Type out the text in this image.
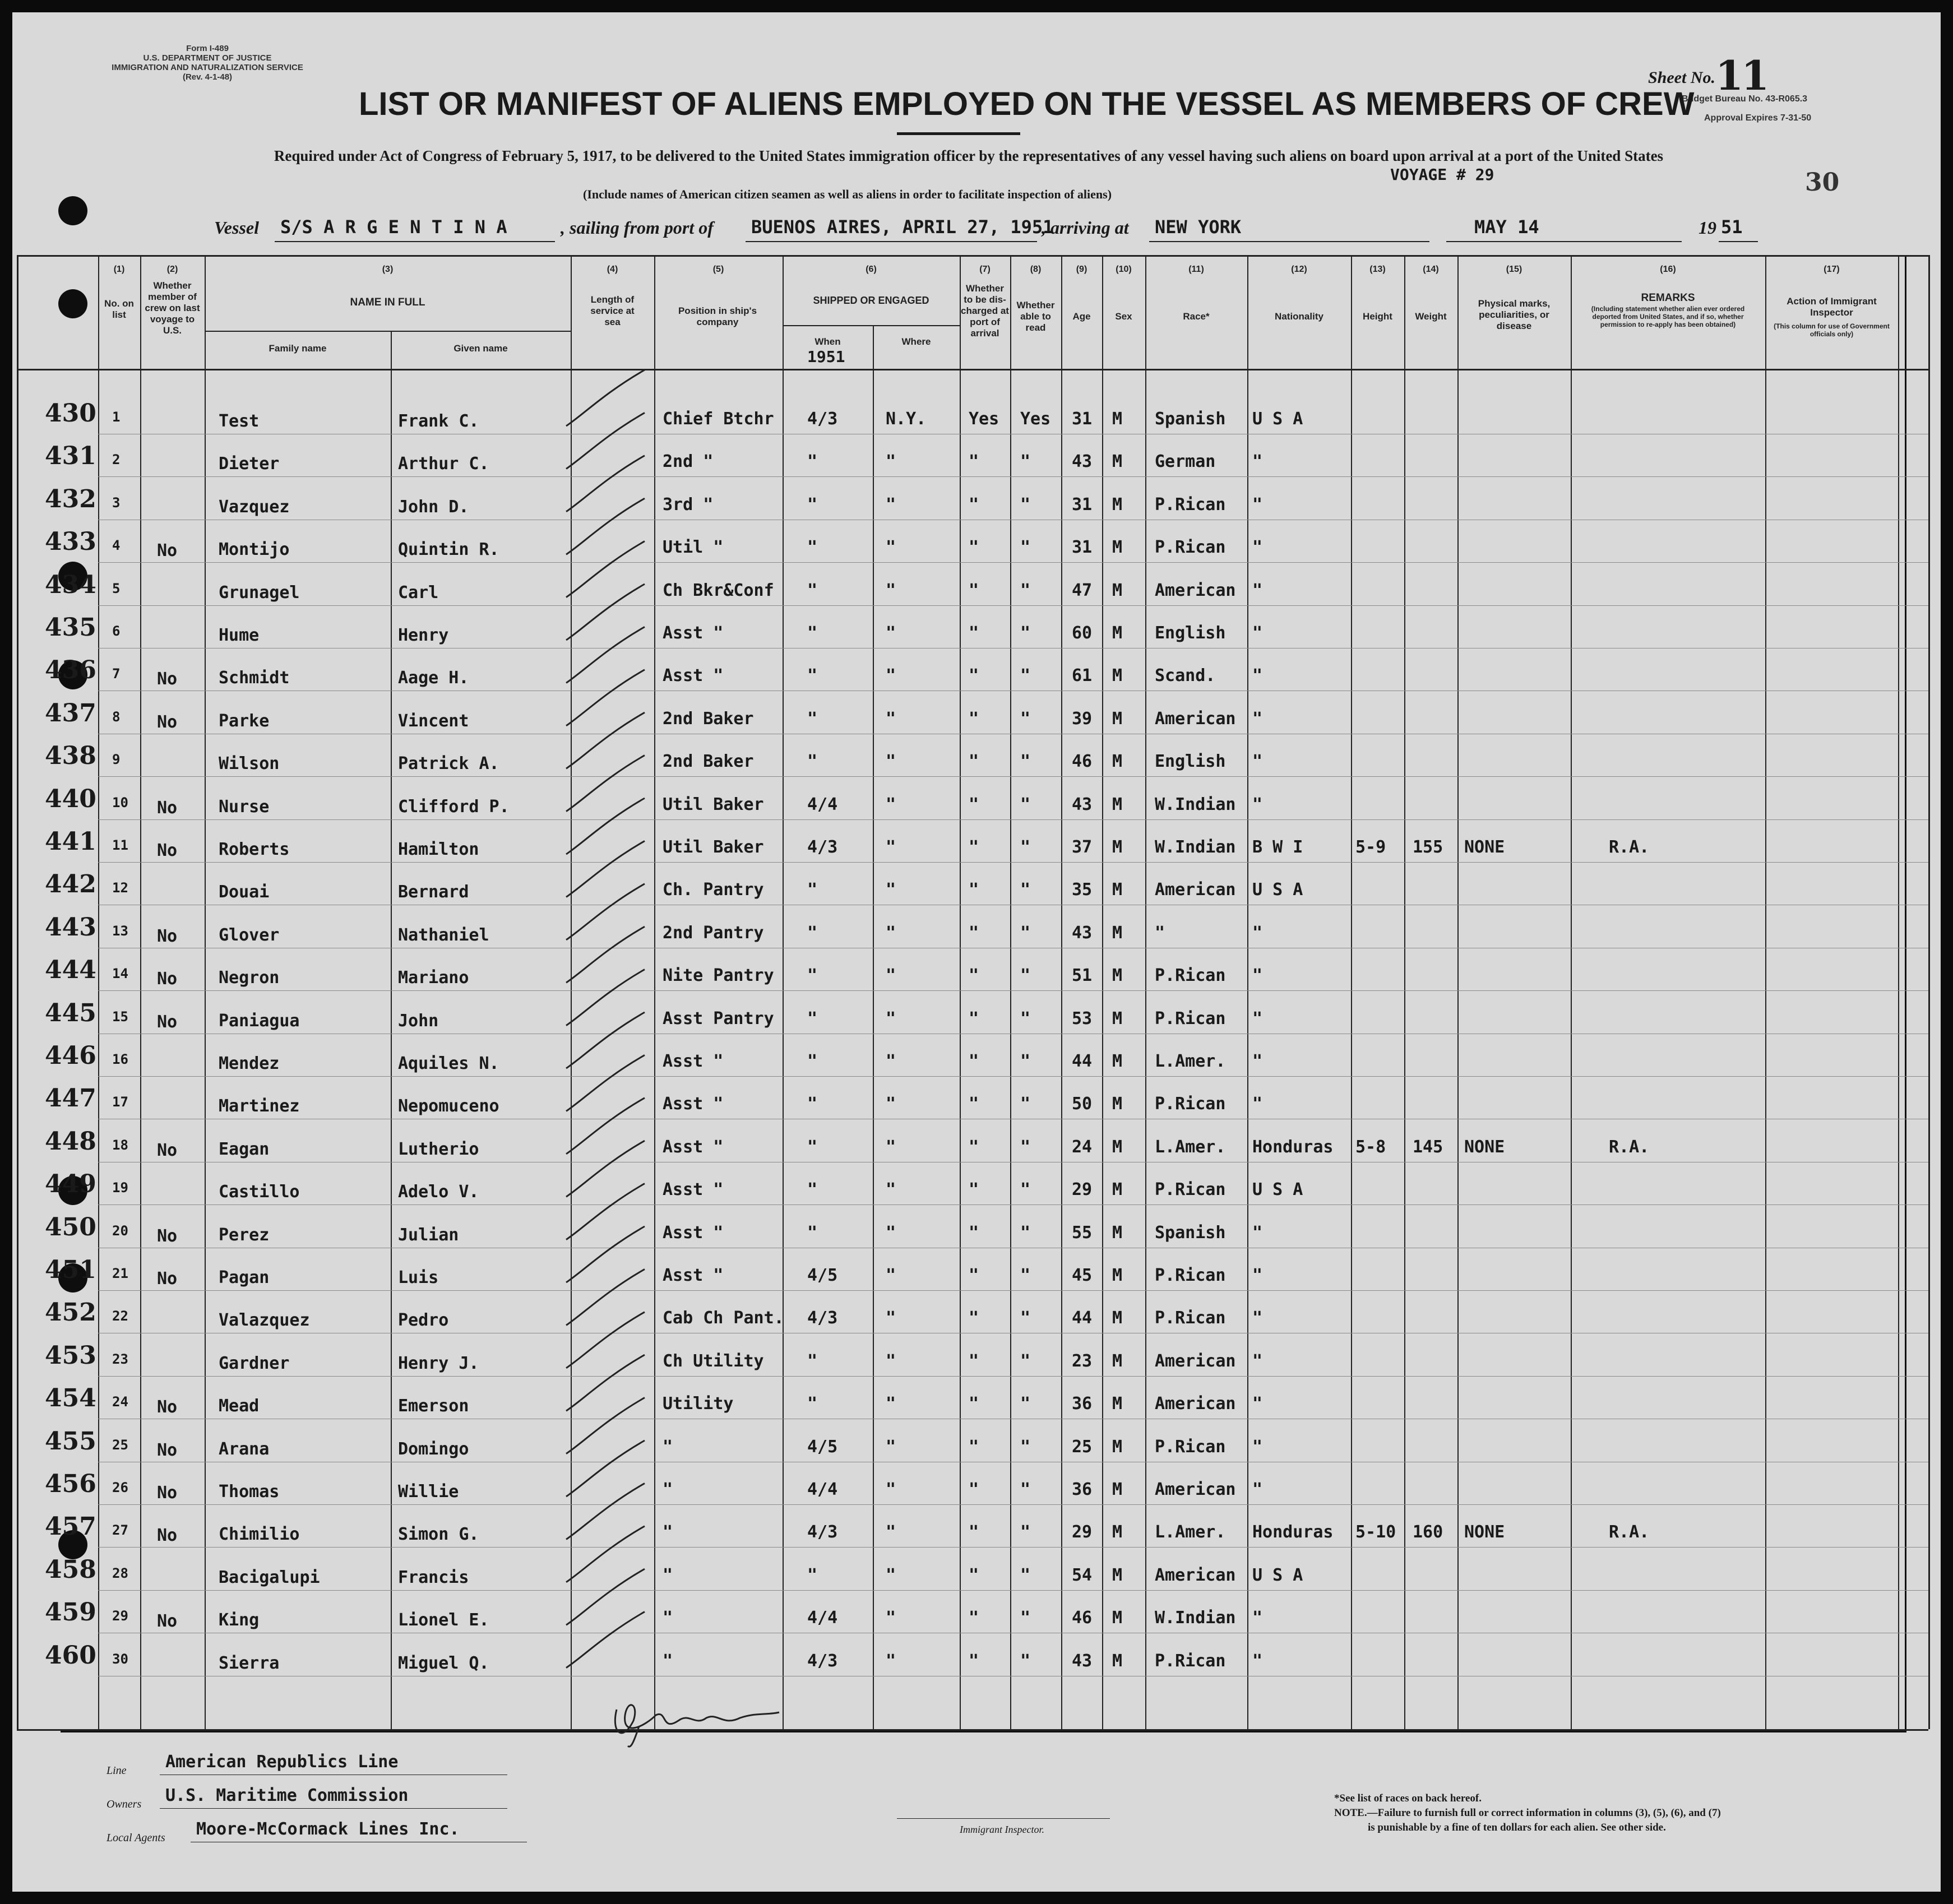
Form I-489
U.S. DEPARTMENT OF JUSTICE
IMMIGRATION AND NATURALIZATION SERVICE
(Rev. 4-1-48)	Sheet No.11
Budget Bureau No. 43-R065.3
Approval Expires 7-31-50
LIST OR MANIFEST OF ALIENS EMPLOYED ON THE VESSEL AS MEMBERS OF CREW
Required under Act of Congress of February 5, 1917, to be delivered to the United States immigration officer by the representatives of any vessel having such aliens on board upon arrival at a port of the United States
(Include names of American citizen seamen as well as aliens in order to facilitate inspection of aliens)
VOYAGE # 29	30
Vessel S/S A R G E N T I N A	, sailing from port of BUENOS AIRES, APRIL 27, 1951
, arriving at NEW YORK	MAY 14	19 51
(1)
No. on list
(2)
Whether member of crew on last voyage to U.S.
(3)
NAME IN FULL
Family name	Given name
(4)
Length of service at sea
(5)
Position in ship's company
(6)
SHIPPED OR ENGAGED
When
1951
Where
(7)
Whether to be dis-charged at port of arrival
(8)
Whether able to read
(9)
Age
(10)
Sex
(11)
Race*
(12)
Nationality
(13)
Height
(14)
Weight
(15)
Physical marks, peculiarities, or disease
(16)
REMARKS
(Including statement whether alien ever ordered deported from United States, and if so, whether permission to re-apply has been obtained)
(17)
Action of Immigrant Inspector
(This column for use of Government officials only)
430 1	Test	Frank C.	Chief Btchr 4/3	N.Y.	Yes Yes 31 M Spanish U S A
431 2	Dieter	Arthur C.	2nd "	"	"	" " 43 M German "
432 3	Vazquez	John D.	3rd "	"	"	" " 31 M P.Rican "
433 4 No Montijo	Quintin R.	Util "	"	"	" " 31 M P.Rican "
434 5	Grunagel	Carl	Ch Bkr&Conf "	"	" " 47 M American "
435 6	Hume	Henry	Asst "	"	"	" " 60 M English "
436 7 No Schmidt	Aage H.	Asst "	"	"	" " 61 M Scand. "
437 8 No Parke	Vincent	2nd Baker	"	"	" " 39 M American "
438 9	Wilson	Patrick A.	2nd Baker	"	"	" " 46 M English "
440 10 No Nurse	Clifford P.	Util Baker	4/4	"	" " 43 M W.Indian "
441 11 No Roberts	Hamilton	Util Baker	4/3	"	" " 37 M W.Indian B W I	5-9 155 NONE	R.A.
442 12	Douai	Bernard	Ch. Pantry	"	"	" " 35 M American U S A
443 13 No Glover	Nathaniel	2nd Pantry	"	"	" " 43 M "	"
444 14 No Negron	Mariano	Nite Pantry "	"	" " 51 M P.Rican "
445 15 No Paniagua	John	Asst Pantry "	"	" " 53 M P.Rican "
446 16	Mendez	Aquiles N.	Asst "	"	"	" " 44 M L.Amer. "
447 17	Martinez	Nepomuceno	Asst "	"	"	" " 50 M P.Rican "
448 18 No Eagan	Lutherio	Asst "	"	"	" " 24 M L.Amer. Honduras 5-8 145 NONE	R.A.
449 19	Castillo	Adelo V.	Asst "	"	"	" " 29 M P.Rican U S A
450 20 No Perez	Julian	Asst "	"	"	" " 55 M Spanish "
451 21 No Pagan	Luis	Asst "	4/5	"	" " 45 M P.Rican "
452 22	Valazquez	Pedro	Cab Ch Pant. 4/3	"	" " 44 M P.Rican "
453 23	Gardner	Henry J.	Ch Utility	"	"	" " 23 M American "
454 24 No Mead	Emerson	Utility	"	"	" " 36 M American "
455 25 No Arana	Domingo	"	4/5	"	" " 25 M P.Rican "
456 26 No Thomas	Willie	"	4/4	"	" " 36 M American "
457 27 No Chimilio	Simon G.	"	4/3	"	" " 29 M L.Amer. Honduras 5-10 160 NONE	R.A.
458 28	Bacigalupi	Francis	"	"	"	" " 54 M American U S A
459 29 No King	Lionel E.	"	4/4	"	" " 46 M W.Indian "
460 30	Sierra	Miguel Q.	"	4/3	"	" " 43 M P.Rican "
Line American Republics Line
Owners U.S. Maritime Commission
Local Agents Moore-McCormack Lines Inc.	Immigrant Inspector.
*See list of races on back hereof.
NOTE.—Failure to furnish full or correct information in columns (3), (5), (6), and (7)
is punishable by a fine of ten dollars for each alien. See other side.
